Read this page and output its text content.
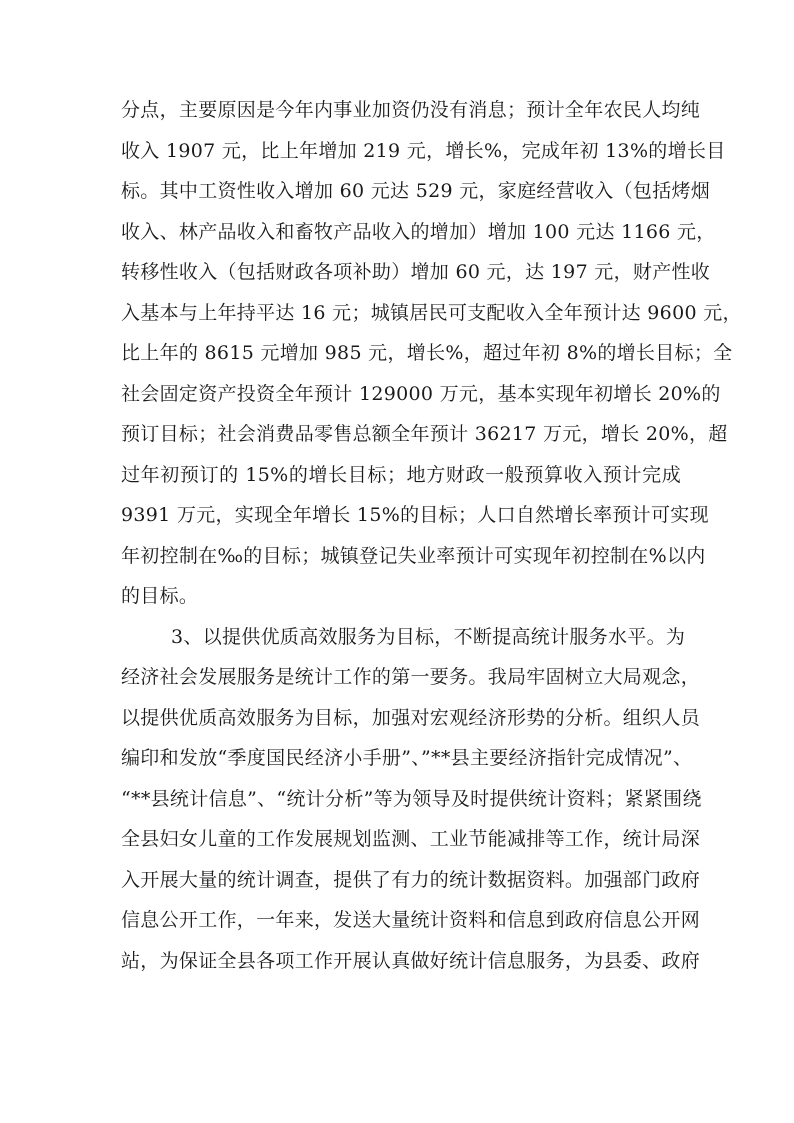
分点，主要原因是今年内事业加资仍没有消息；预计全年农民人均纯
收入 1907 元，比上年增加 219 元，增长%，完成年初 13%的增长目
标。其中工资性收入增加 60 元达 529 元，家庭经营收入（包括烤烟
收入、林产品收入和畜牧产品收入的增加）增加 100 元达 1166 元，
转移性收入（包括财政各项补助）增加 60 元，达 197 元，财产性收
入基本与上年持平达 16 元；城镇居民可支配收入全年预计达 9600 元，
比上年的 8615 元增加 985 元，增长%，超过年初 8%的增长目标；全
社会固定资产投资全年预计 129000 万元，基本实现年初增长 20%的
预订目标；社会消费品零售总额全年预计 36217 万元，增长 20%，超
过年初预订的 15%的增长目标；地方财政一般预算收入预计完成
9391 万元，实现全年增长 15%的目标；人口自然增长率预计可实现
年初控制在‰的目标；城镇登记失业率预计可实现年初控制在%以内
的目标。
3、以提供优质高效服务为目标，不断提高统计服务水平。为
经济社会发展服务是统计工作的第一要务。我局牢固树立大局观念，
以提供优质高效服务为目标，加强对宏观经济形势的分析。组织人员
编印和发放“季度国民经济小手册”、”**县主要经济指针完成情况”、
“**县统计信息”、“统计分析”等为领导及时提供统计资料；紧紧围绕
全县妇女儿童的工作发展规划监测、工业节能减排等工作，统计局深
入开展大量的统计调查，提供了有力的统计数据资料。加强部门政府
信息公开工作，一年来，发送大量统计资料和信息到政府信息公开网
站，为保证全县各项工作开展认真做好统计信息服务，为县委、政府
